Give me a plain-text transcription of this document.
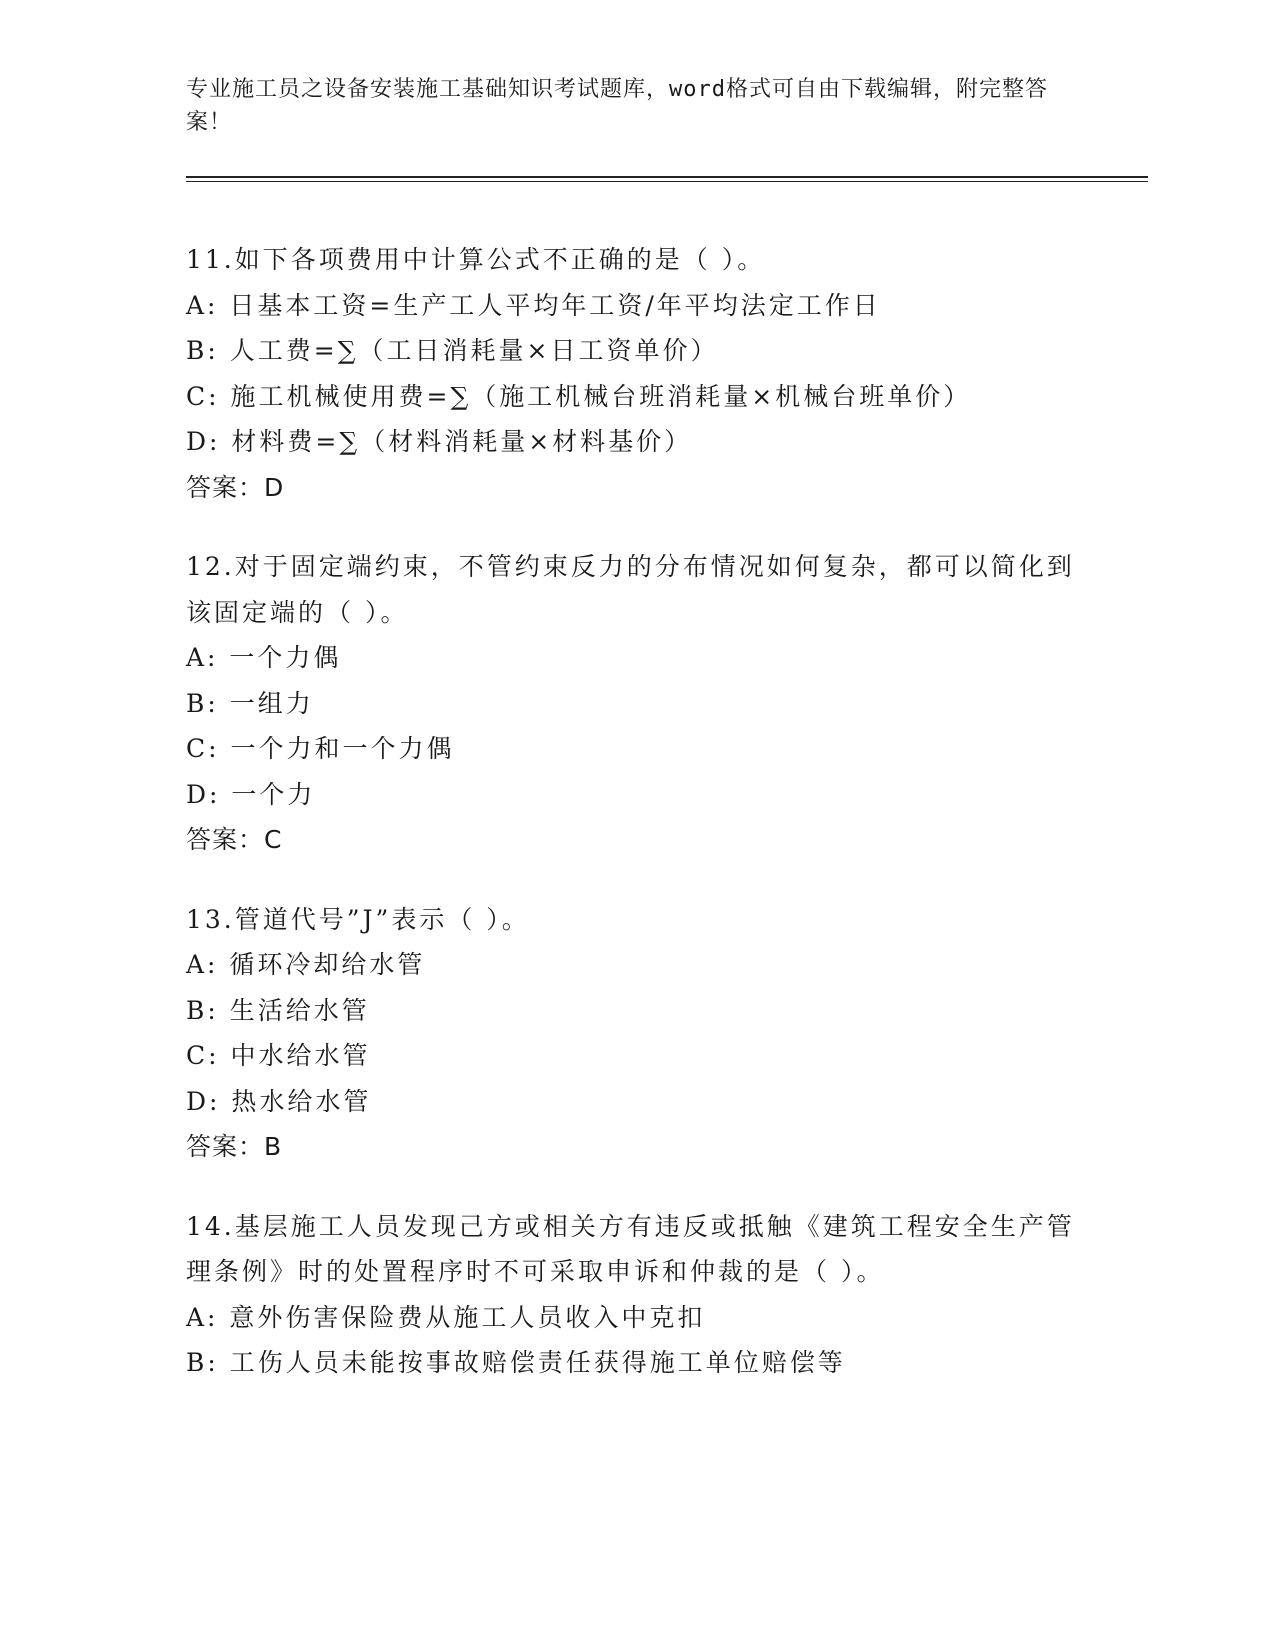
专业施工员之设备安装施工基础知识考试题库，word格式可自由下载编辑，附完整答案！
11.如下各项费用中计算公式不正确的是（ ）。
A: 日基本工资=生产工人平均年工资/年平均法定工作日
B: 人工费=∑（工日消耗量×日工资单价）
C: 施工机械使用费=∑（施工机械台班消耗量×机械台班单价）
D: 材料费=∑（材料消耗量×材料基价）
答案：D
12.对于固定端约束，不管约束反力的分布情况如何复杂，都可以简化到该固定端的（ ）。
A: 一个力偶
B: 一组力
C: 一个力和一个力偶
D: 一个力
答案：C
13.管道代号”J”表示（ ）。
A: 循环冷却给水管
B: 生活给水管
C: 中水给水管
D: 热水给水管
答案：B
14.基层施工人员发现己方或相关方有违反或抵触《建筑工程安全生产管理条例》时的处置程序时不可采取申诉和仲裁的是（ ）。
A: 意外伤害保险费从施工人员收入中克扣
B: 工伤人员未能按事故赔偿责任获得施工单位赔偿等
